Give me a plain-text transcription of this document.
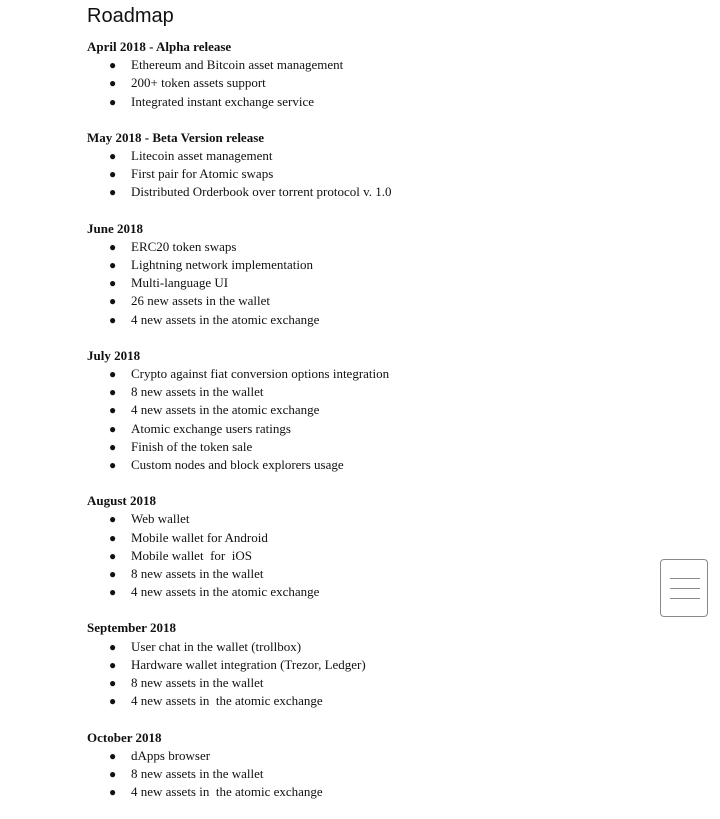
Roadmap
April 2018 - Alpha release
● Ethereum and Bitcoin asset management
● 200+ token assets support
● Integrated instant exchange service
May 2018 - Beta Version release
● Litecoin asset management
● First pair for Atomic swaps
● Distributed Orderbook over torrent protocol v. 1.0
June 2018
● ERC20 token swaps
● Lightning network implementation
● Multi-language UI
● 26 new assets in the wallet
● 4 new assets in the atomic exchange
July 2018
● Crypto against fiat conversion options integration
● 8 new assets in the wallet
● 4 new assets in the atomic exchange
● Atomic exchange users ratings
● Finish of the token sale
● Custom nodes and block explorers usage
August 2018
● Web wallet
● Mobile wallet for Android
● Mobile wallet  for  iOS
● 8 new assets in the wallet
● 4 new assets in the atomic exchange
September 2018
● User chat in the wallet (trollbox)
● Hardware wallet integration (Trezor, Ledger)
● 8 new assets in the wallet
● 4 new assets in  the atomic exchange
October 2018
● dApps browser
● 8 new assets in the wallet
● 4 new assets in  the atomic exchange
